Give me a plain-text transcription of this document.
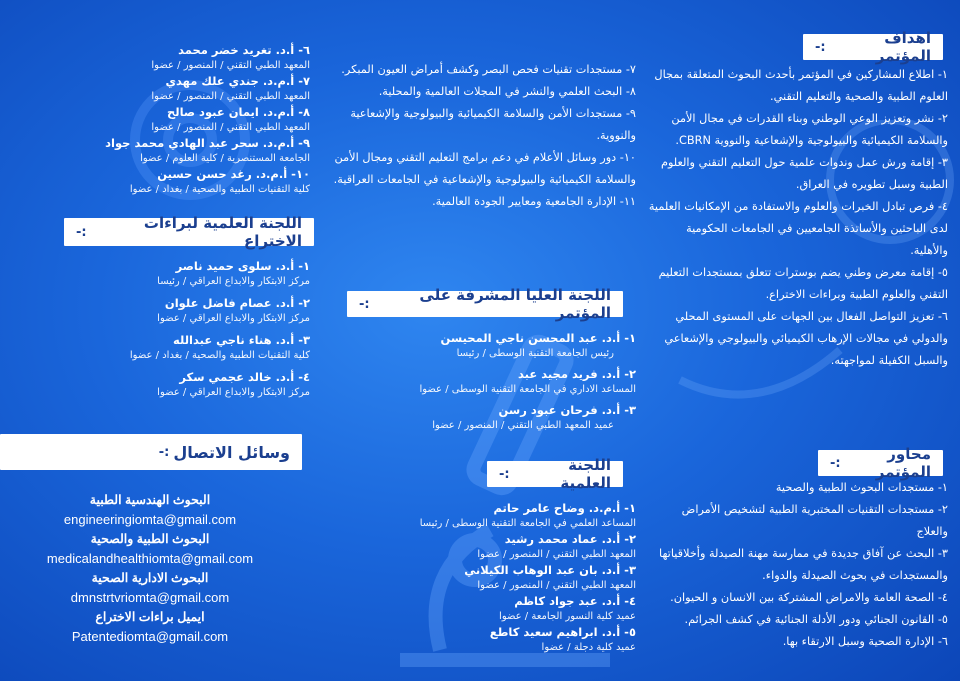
اهداف المؤتمر
:-

١- اطلاع المشاركين في المؤتمر بأحدث البحوث المتعلقة بمجال العلوم الطبية والصحية والتعليم التقني.

٢- نشر وتعزيز الوعي الوطني وبناء القدرات في مجال الأمن والسلامة الكيميائية والبيولوجية والإشعاعية والنووية CBRN.

٣- إقامة ورش عمل وندوات علمية حول التعليم التقني والعلوم الطبية وسبل تطويره في العراق.

٤- فرص تبادل الخبرات والعلوم والاستفادة من الإمكانيات العلمية لدى الباحثين والأساتذة الجامعيين في الجامعات الحكومية والأهلية.

٥- إقامة معرض وطني يضم بوسترات تتعلق بمستجدات التعليم التقني والعلوم الطبية وبراءات الاختراع.

٦- تعزيز التواصل الفعال بين الجهات على المستوى المحلي والدولي في مجالات الإرهاب الكيميائي والبيولوجي والإشعاعي والسبل الكفيلة لمواجهته.

محاور المؤتمر
:-

١- مستجدات البحوث الطبية والصحية

٢- مستجدات التقنيات المختبرية الطبية لتشخيص الأمراض والعلاج

٣- البحث عن آفاق جديدة في ممارسة مهنة الصيدلة وأخلاقياتها والمستجدات في بحوث الصيدلة والدواء.

٤- الصحة العامة والامراض المشتركة بين الانسان و الحيوان.

٥- القانون الجنائي ودور الأدلة الجنائية في كشف الجرائم.

٦- الإدارة الصحية وسبل الارتقاء بها.

٧- مستجدات تقنيات فحص البصر وكشف أمراض العيون المبكر.

٨- البحث العلمي والنشر في المجلات العالمية والمحلية.

٩- مستجدات الأمن والسلامة الكيميائية والبيولوجية والإشعاعية والنووية.

١٠- دور وسائل الأعلام في دعم برامج التعليم التقني ومجال الأمن والسلامة الكيميائية والبيولوجية والإشعاعية في الجامعات العراقية.

١١- الإدارة الجامعية ومعايير الجودة العالمية.

اللجنة العليا المشرفة على المؤتمر
:-
١- أ.د. عبد المحسن ناجي المحيسن
رئيس الجامعة التقنية الوسطى / رئيسا
٢- أ.د. فريد مجيد عبد
المساعد الاداري في الجامعة التقنية الوسطى / عضوا
٣- أ.د. فرحان عبود رسن
عميد المعهد الطبي التقني / المنصور / عضوا
اللجنة العلمية
:-
١- أ.م.د. وضاح عامر حاتم
المساعد العلمي في الجامعة التقنية الوسطى / رئيسا
٢- أ.د. عماد محمد رشيد
المعهد الطبي التقني / المنصور / عضوا
٣- أ.د. بان عبد الوهاب الكيلاني
المعهد الطبي التقني / المنصور / عضوا
٤- أ.د. عبد جواد كاظم
عميد كلية النسور الجامعة / عضوا
٥- أ.د. ابراهيم سعيد كاطع
عميد كلية دجلة / عضوا
٦- أ.د. تغريد خضر محمد
المعهد الطبي التقني / المنصور / عضوا
٧- أ.م.د. جندي علك مهدي
المعهد الطبي التقني / المنصور / عضوا
٨- أ.م.د. ايمان عبود صالح
المعهد الطبي التقني / المنصور / عضوا
٩- أ.م.د. سحر عبد الهادي محمد جواد
الجامعة المستنصرية / كلية العلوم / عضوا
١٠- أ.م.د. رغد حسن حسين
كلية التقنيات الطبية والصحية / بغداد / عضوا
اللجنة العلمية لبراءات الاختراع
:-
١- أ.د. سلوى حميد ناصر
مركز الابتكار والابداع العراقي / رئيسا
٢- أ.د. عصام فاضل علوان
مركز الابتكار والابداع العراقي / عضوا
٣- أ.د. هناء ناجي عبدالله
كلية التقنيات الطبية والصحية / بغداد / عضوا
٤- أ.د. خالد عجمي سكر
مركز الابتكار والابداع العراقي / عضوا
وسائل الاتصال
:-
البحوث الهندسية الطبية
engineeringiomta@gmail.com
البحوث الطبية والصحية
medicalandhealthiomta@gmail.com
البحوث الادارية الصحية
dmnstrtvriomta@gmail.com
ايميل براءات الاختراع
Patentediomta@gmail.com
